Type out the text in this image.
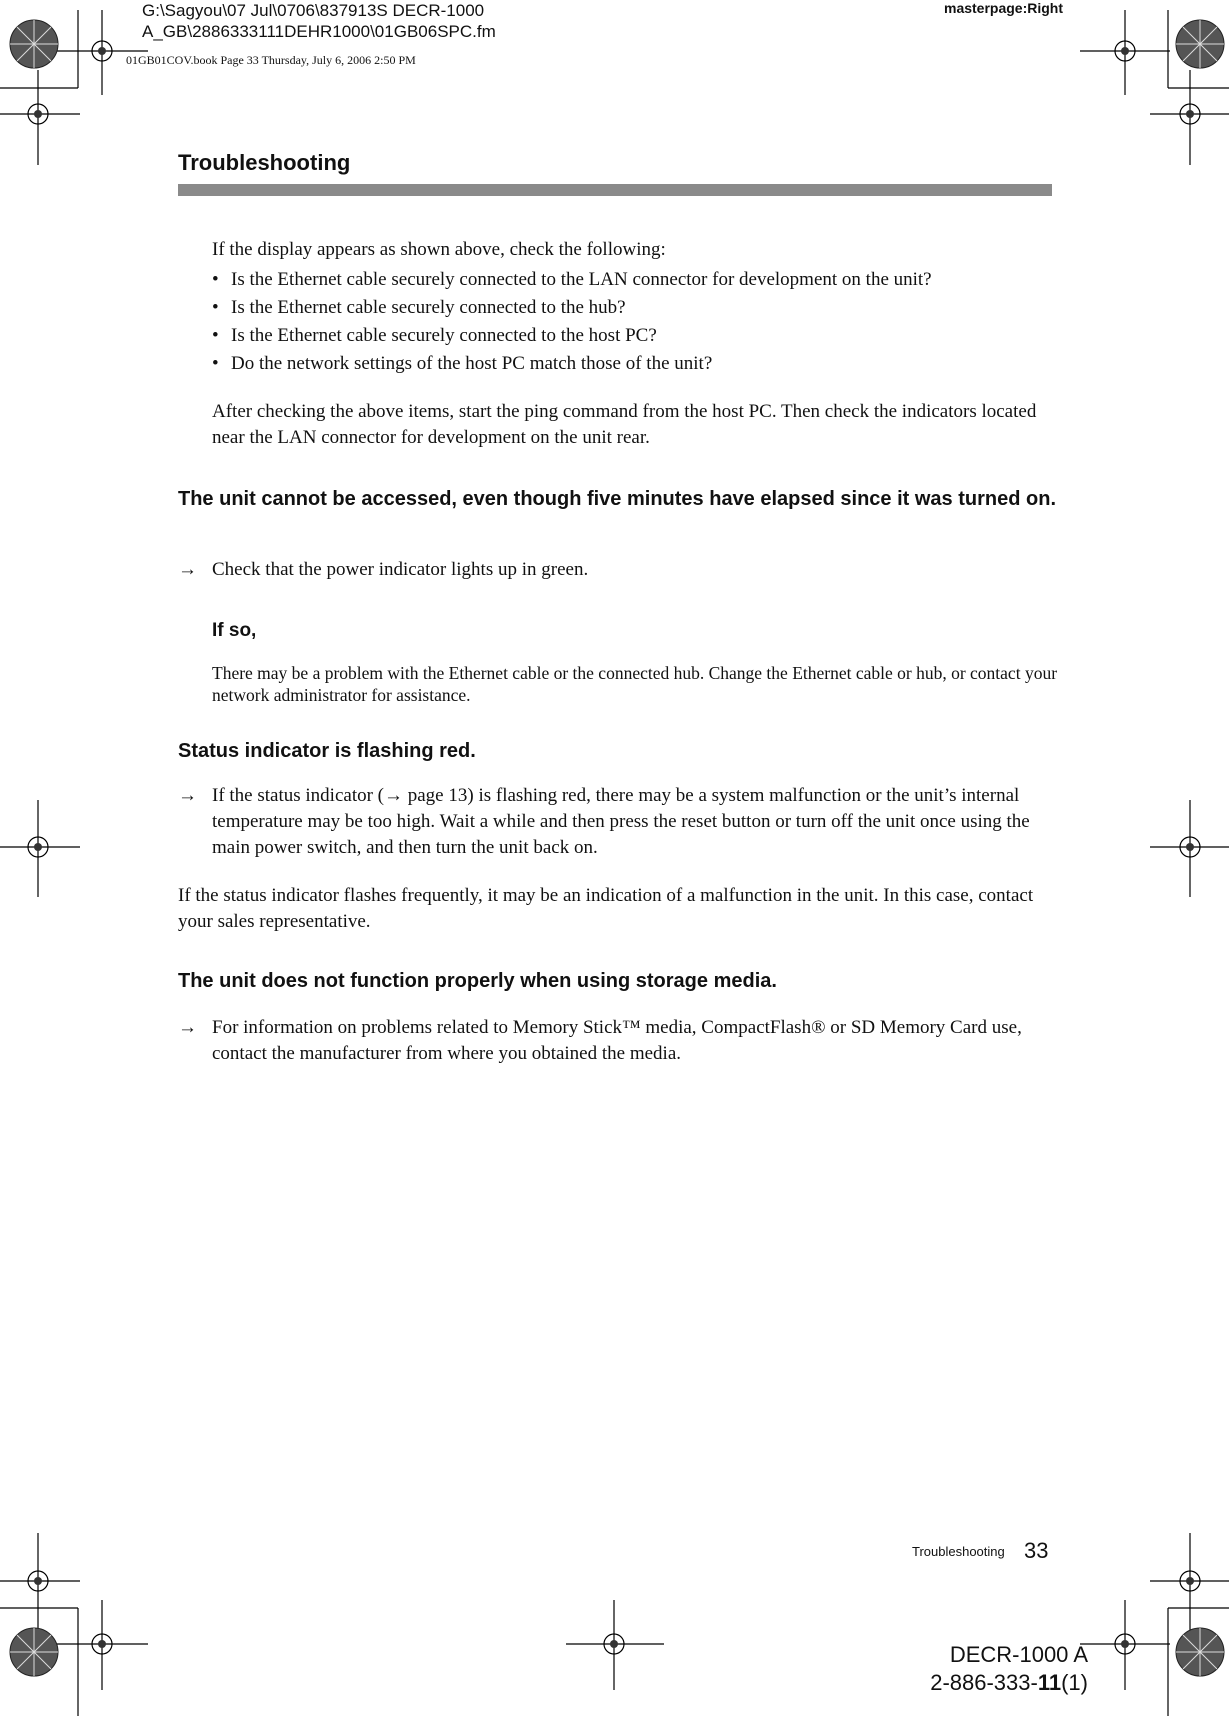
G:\Sagyou\07 Jul\0706\837913S DECR-1000
A_GB\2886333111DEHR1000\01GB06SPC.fm
masterpage:Right
01GB01COV.book Page 33 Thursday, July 6, 2006 2:50 PM
Troubleshooting
If the display appears as shown above, check the following:
• Is the Ethernet cable securely connected to the LAN connector for development on the unit?
• Is the Ethernet cable securely connected to the hub?
• Is the Ethernet cable securely connected to the host PC?
• Do the network settings of the host PC match those of the unit?
After checking the above items, start the ping command from the host PC. Then check the indicators located near the LAN connector for development on the unit rear.
The unit cannot be accessed, even though five minutes have elapsed since it was turned on.
→ Check that the power indicator lights up in green.
If so,
There may be a problem with the Ethernet cable or the connected hub. Change the Ethernet cable or hub, or contact your network administrator for assistance.
Status indicator is flashing red.
→ If the status indicator (→ page 13) is flashing red, there may be a system malfunction or the unit’s internal temperature may be too high. Wait a while and then press the reset button or turn off the unit once using the main power switch, and then turn the unit back on.
If the status indicator flashes frequently, it may be an indication of a malfunction in the unit. In this case, contact your sales representative.
The unit does not function properly when using storage media.
→ For information on problems related to Memory Stick™ media, CompactFlash® or SD Memory Card use, contact the manufacturer from where you obtained the media.
Troubleshooting 33
DECR-1000 A
2-886-333-11(1)
